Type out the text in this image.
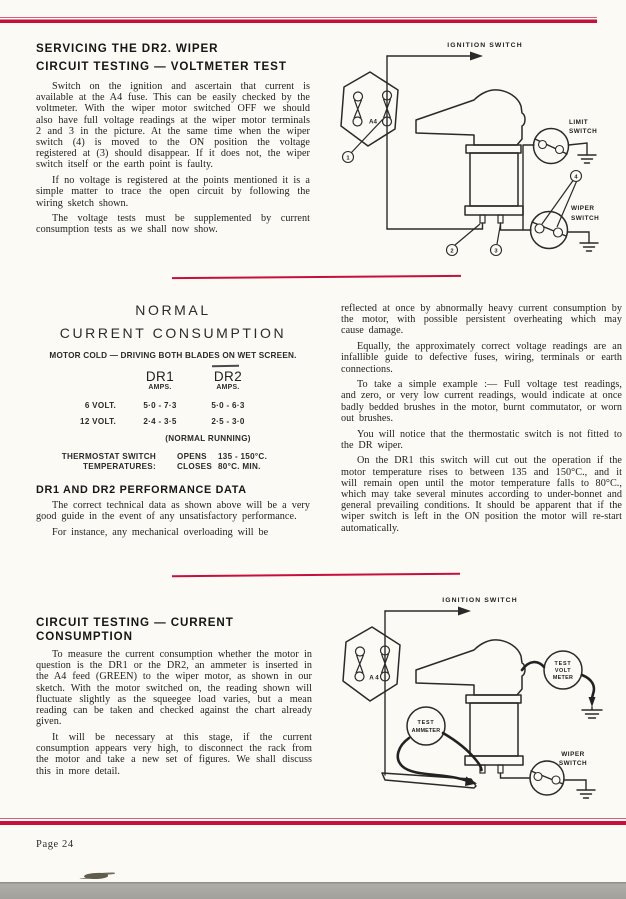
SERVICING THE DR2. WIPER
CIRCUIT TESTING — VOLTMETER TEST

Switch on the ignition and ascertain that current is available at the A4 fuse. This can be easily checked by the voltmeter. With the wiper motor switched OFF we should also have full voltage readings at the wiper motor terminals 2 and 3 in the picture. At the same time when the wiper switch (4) is moved to the ON position the voltage registered at (3) should disappear. If it does not, the wiper switch itself or the earth point is faulty.

If no voltage is registered at the points mentioned it is a simple matter to trace the open circuit by following the wiring sketch shown.

The voltage tests must be supplemented by current consumption tests as we shall now show.

IGNITION SWITCH
A4
1
2	3
LIMIT
SWITCH
4
WIPER
SWITCH

NORMAL

CURRENT CONSUMPTION

MOTOR COLD — DRIVING BOTH BLADES ON WET SCREEN.

DR1	DR2
AMPS.	AMPS.
6 VOLT.	5·0 - 7·3	5·0 - 6·3
12 VOLT.	2·4 - 3·5	2·5 - 3·0
(NORMAL RUNNING)
THERMOSTAT SWITCH	OPENS	135 - 150°C.
TEMPERATURES:	CLOSES 80°C. MIN.
DR1 AND DR2 PERFORMANCE DATA

The correct technical data as shown above will be a very good guide in the event of any unsatisfactory performance.

For instance, any mechanical overloading will be

reflected at once by abnormally heavy current consumption by the motor, with possible persistent overheating which may cause damage.

Equally, the approximately correct voltage readings are an infallible guide to defective fuses, wiring, terminals or earth connections.

To take a simple example :— Full voltage test readings, and zero, or very low current readings, would indicate at once badly bedded brushes in the motor, burnt commutator, or worn out brushes.

You will notice that the thermostatic switch is not fitted to the DR wiper.

On the DR1 this switch will cut out the operation if the motor temperature rises to between 135 and 150°C., and it will remain open until the motor temperature falls to 80°C., which may take several minutes according to under-bonnet and general prevailing conditions. It should be apparent that if the wiper switch is left in the ON position the motor will re-start automatically.

CIRCUIT TESTING — CURRENT
CONSUMPTION

To measure the current consumption whether the motor in question is the DR1 or the DR2, an ammeter is inserted in the A4 feed (GREEN) to the wiper motor, as shown in our sketch. With the motor switched on, the reading shown will fluctuate slightly as the squeegee load varies, but a mean reading can be taken and checked against the chart already given.

It will be necessary at this stage, if the current consumption appears very high, to disconnect the rack from the motor and take a new set of figures. We shall discuss this in more detail.

IGNITION SWITCH
A 4
TEST
AMMETER
TEST
VOLT
METER
WIPER
SWITCH
Page 24
